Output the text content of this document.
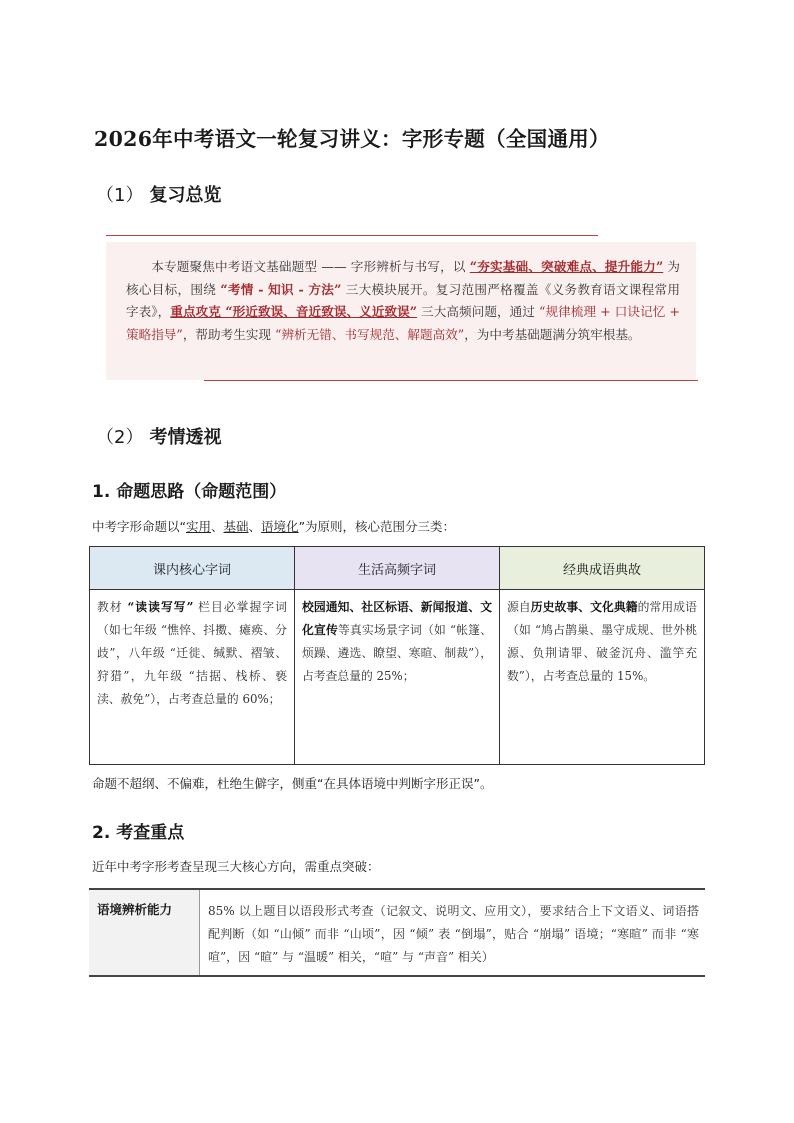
2026年中考语文一轮复习讲义：字形专题（全国通用）
（1） 复习总览
本专题聚焦中考语文基础题型 —— 字形辨析与书写，以 “夯实基础、突破难点、提升能力” 为核心目标，围绕 “考情 - 知识 - 方法” 三大模块展开。复习范围严格覆盖《义务教育语文课程常用字表》，重点攻克 “形近致误、音近致误、义近致误” 三大高频问题，通过 “规律梳理 + 口诀记忆 + 策略指导”，帮助考生实现 “辨析无错、书写规范、解题高效”，为中考基础题满分筑牢根基。
（2） 考情透视
1. 命题思路（命题范围）
中考字形命题以“实用、基础、语境化”为原则，核心范围分三类：
课内核心字词	生活高频字词	经典成语典故
教材 “读读写写” 栏目必掌握字词（如七年级 “憔悴、抖擞、瘫痪、分歧”，八年级 “迁徙、缄默、褶皱、狩猎”，九年级 “拮据、栈桥、亵渎、赦免”），占考查总量的 60%；	校园通知、社区标语、新闻报道、文化宣传等真实场景字词（如 “帐篷、烦躁、遴选、瞭望、寒暄、制裁”），占考查总量的 25%；	源自历史故事、文化典籍的常用成语（如 “鸠占鹊巢、墨守成规、世外桃源、负荆请罪、破釜沉舟、滥竽充数”），占考查总量的 15%。
命题不超纲、不偏难，杜绝生僻字，侧重“在具体语境中判断字形正误”。
2. 考查重点
近年中考字形考查呈现三大核心方向，需重点突破：
语境辨析能力	85% 以上题目以语段形式考查（记叙文、说明文、应用文），要求结合上下文语义、词语搭配判断（如 “山倾” 而非 “山顷”，因 “倾” 表 “倒塌”，贴合 “崩塌” 语境；“寒暄” 而非 “寒喧”，因 “暄” 与 “温暖” 相关，“喧” 与 “声音” 相关）
